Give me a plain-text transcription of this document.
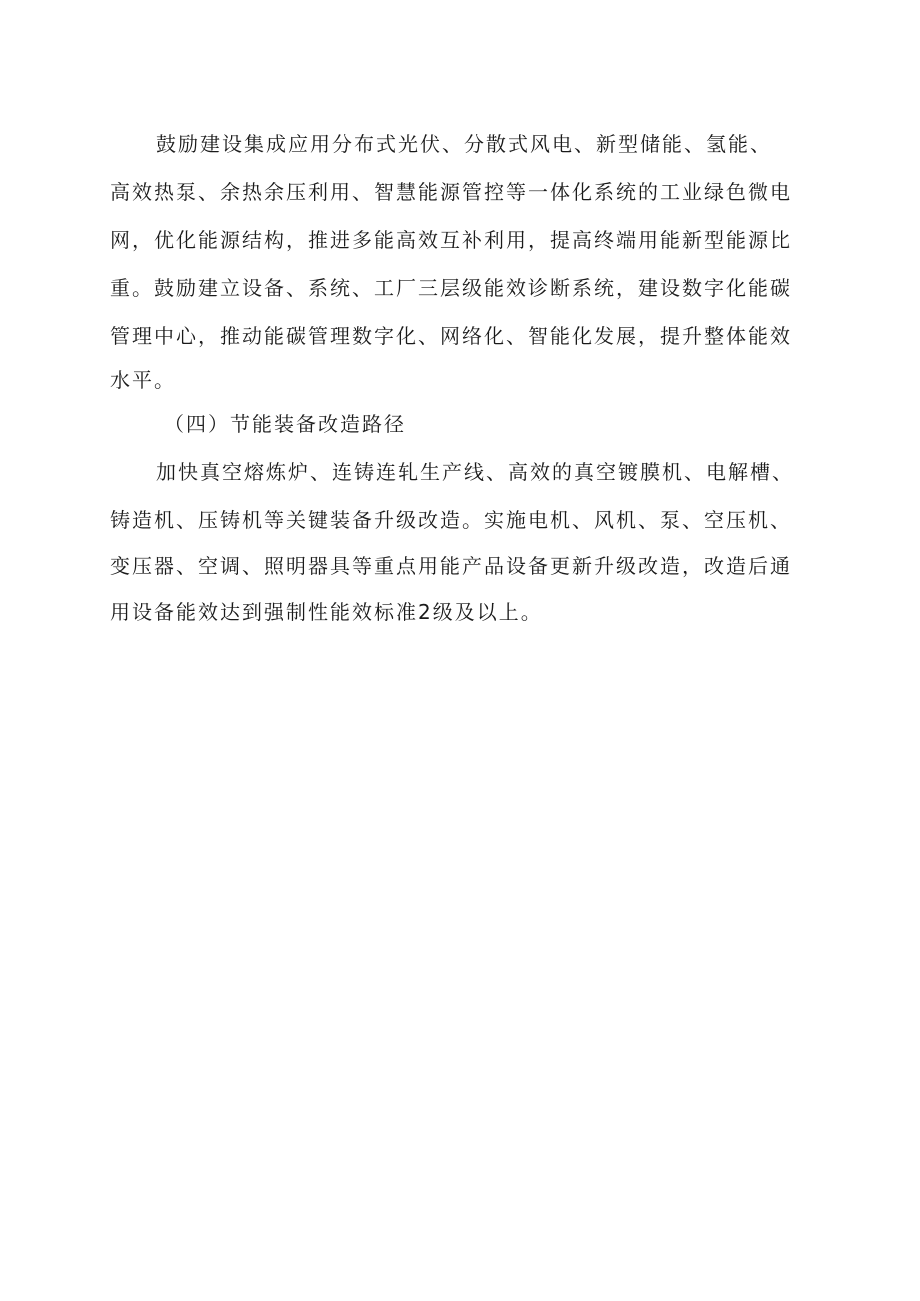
鼓励建设集成应用分布式光伏、分散式风电、新型储能、氢能、
高效热泵、余热余压利用、智慧能源管控等一体化系统的工业绿色微电
网，优化能源结构，推进多能高效互补利用，提高终端用能新型能源比
重。鼓励建立设备、系统、工厂三层级能效诊断系统，建设数字化能碳
管理中心，推动能碳管理数字化、网络化、智能化发展，提升整体能效
水平。
（四）节能装备改造路径
加快真空熔炼炉、连铸连轧生产线、高效的真空镀膜机、电解槽、
铸造机、压铸机等关键装备升级改造。实施电机、风机、泵、空压机、
变压器、空调、照明器具等重点用能产品设备更新升级改造，改造后通
用设备能效达到强制性能效标准2级及以上。
